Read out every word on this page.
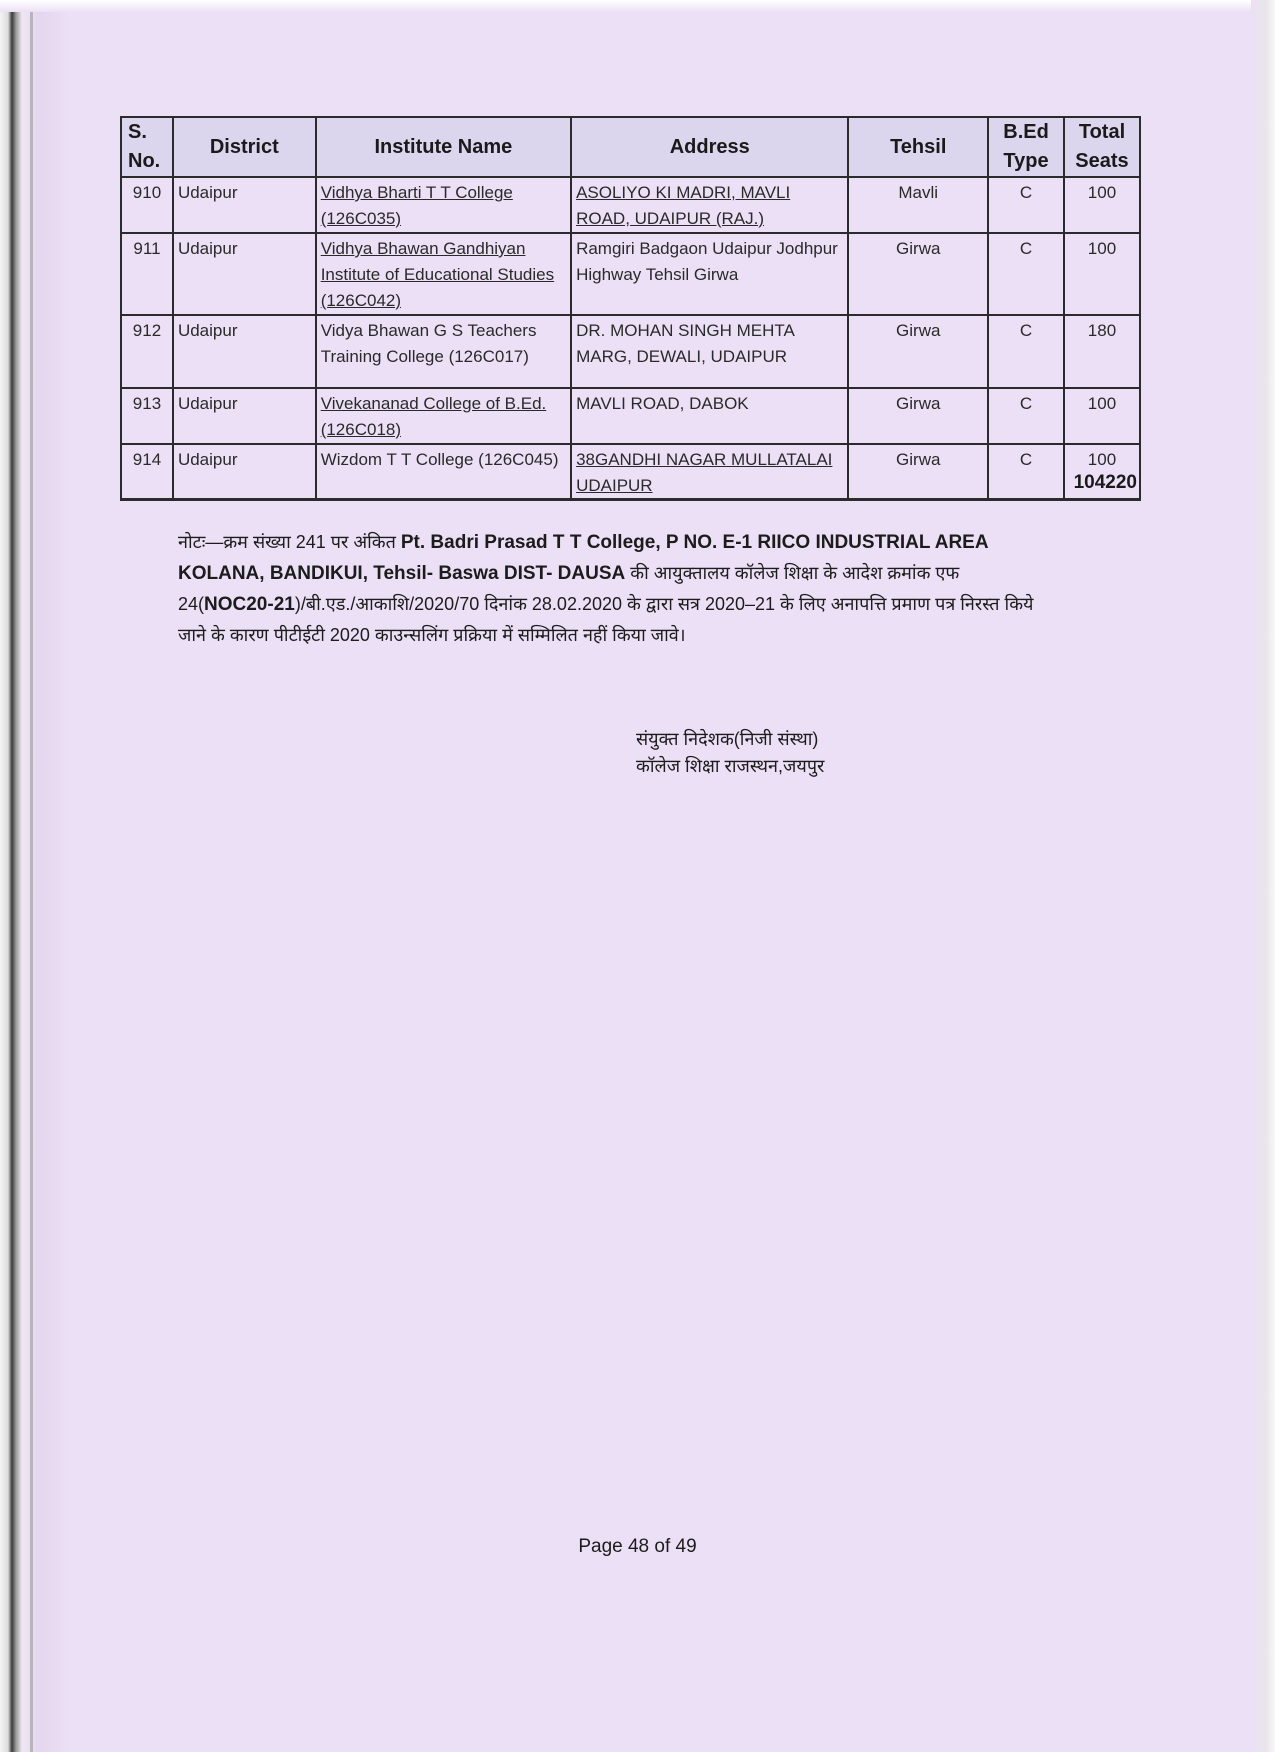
S. No.	District	Institute Name	Address	Tehsil	B.Ed Type	Total Seats
910	Udaipur	Vidhya Bharti T T College (126C035)	ASOLIYO KI MADRI, MAVLI ROAD, UDAIPUR (RAJ.)	Mavli	C	100
911	Udaipur	Vidhya Bhawan Gandhiyan Institute of Educational Studies (126C042)	Ramgiri Badgaon Udaipur Jodhpur Highway Tehsil Girwa	Girwa	C	100
912	Udaipur	Vidya Bhawan G S Teachers Training College (126C017)	DR. MOHAN SINGH MEHTA MARG, DEWALI, UDAIPUR	Girwa	C	180
913	Udaipur	Vivekananad College of B.Ed. (126C018)	MAVLI ROAD, DABOK	Girwa	C	100
914	Udaipur	Wizdom T T College (126C045)	38GANDHI NAGAR MULLATALAI UDAIPUR	Girwa	C	100
104220
नोटः—क्रम संख्या 241 पर अंकित Pt. Badri Prasad T T College, P NO. E-1 RIICO INDUSTRIAL AREA KOLANA, BANDIKUI, Tehsil- Baswa DIST- DAUSA की आयुक्तालय कॉलेज शिक्षा के आदेश क्रमांक एफ 24(NOC20-21)/बी.एड./आकाशि/2020/70 दिनांक 28.02.2020 के द्वारा सत्र 2020–21 के लिए अनापत्ति प्रमाण पत्र निरस्त किये जाने के कारण पीटीईटी 2020 काउन्सलिंग प्रक्रिया में सम्मिलित नहीं किया जावे।
संयुक्त निदेशक(निजी संस्था)
कॉलेज शिक्षा राजस्थन,जयपुर
Page 48 of 49
